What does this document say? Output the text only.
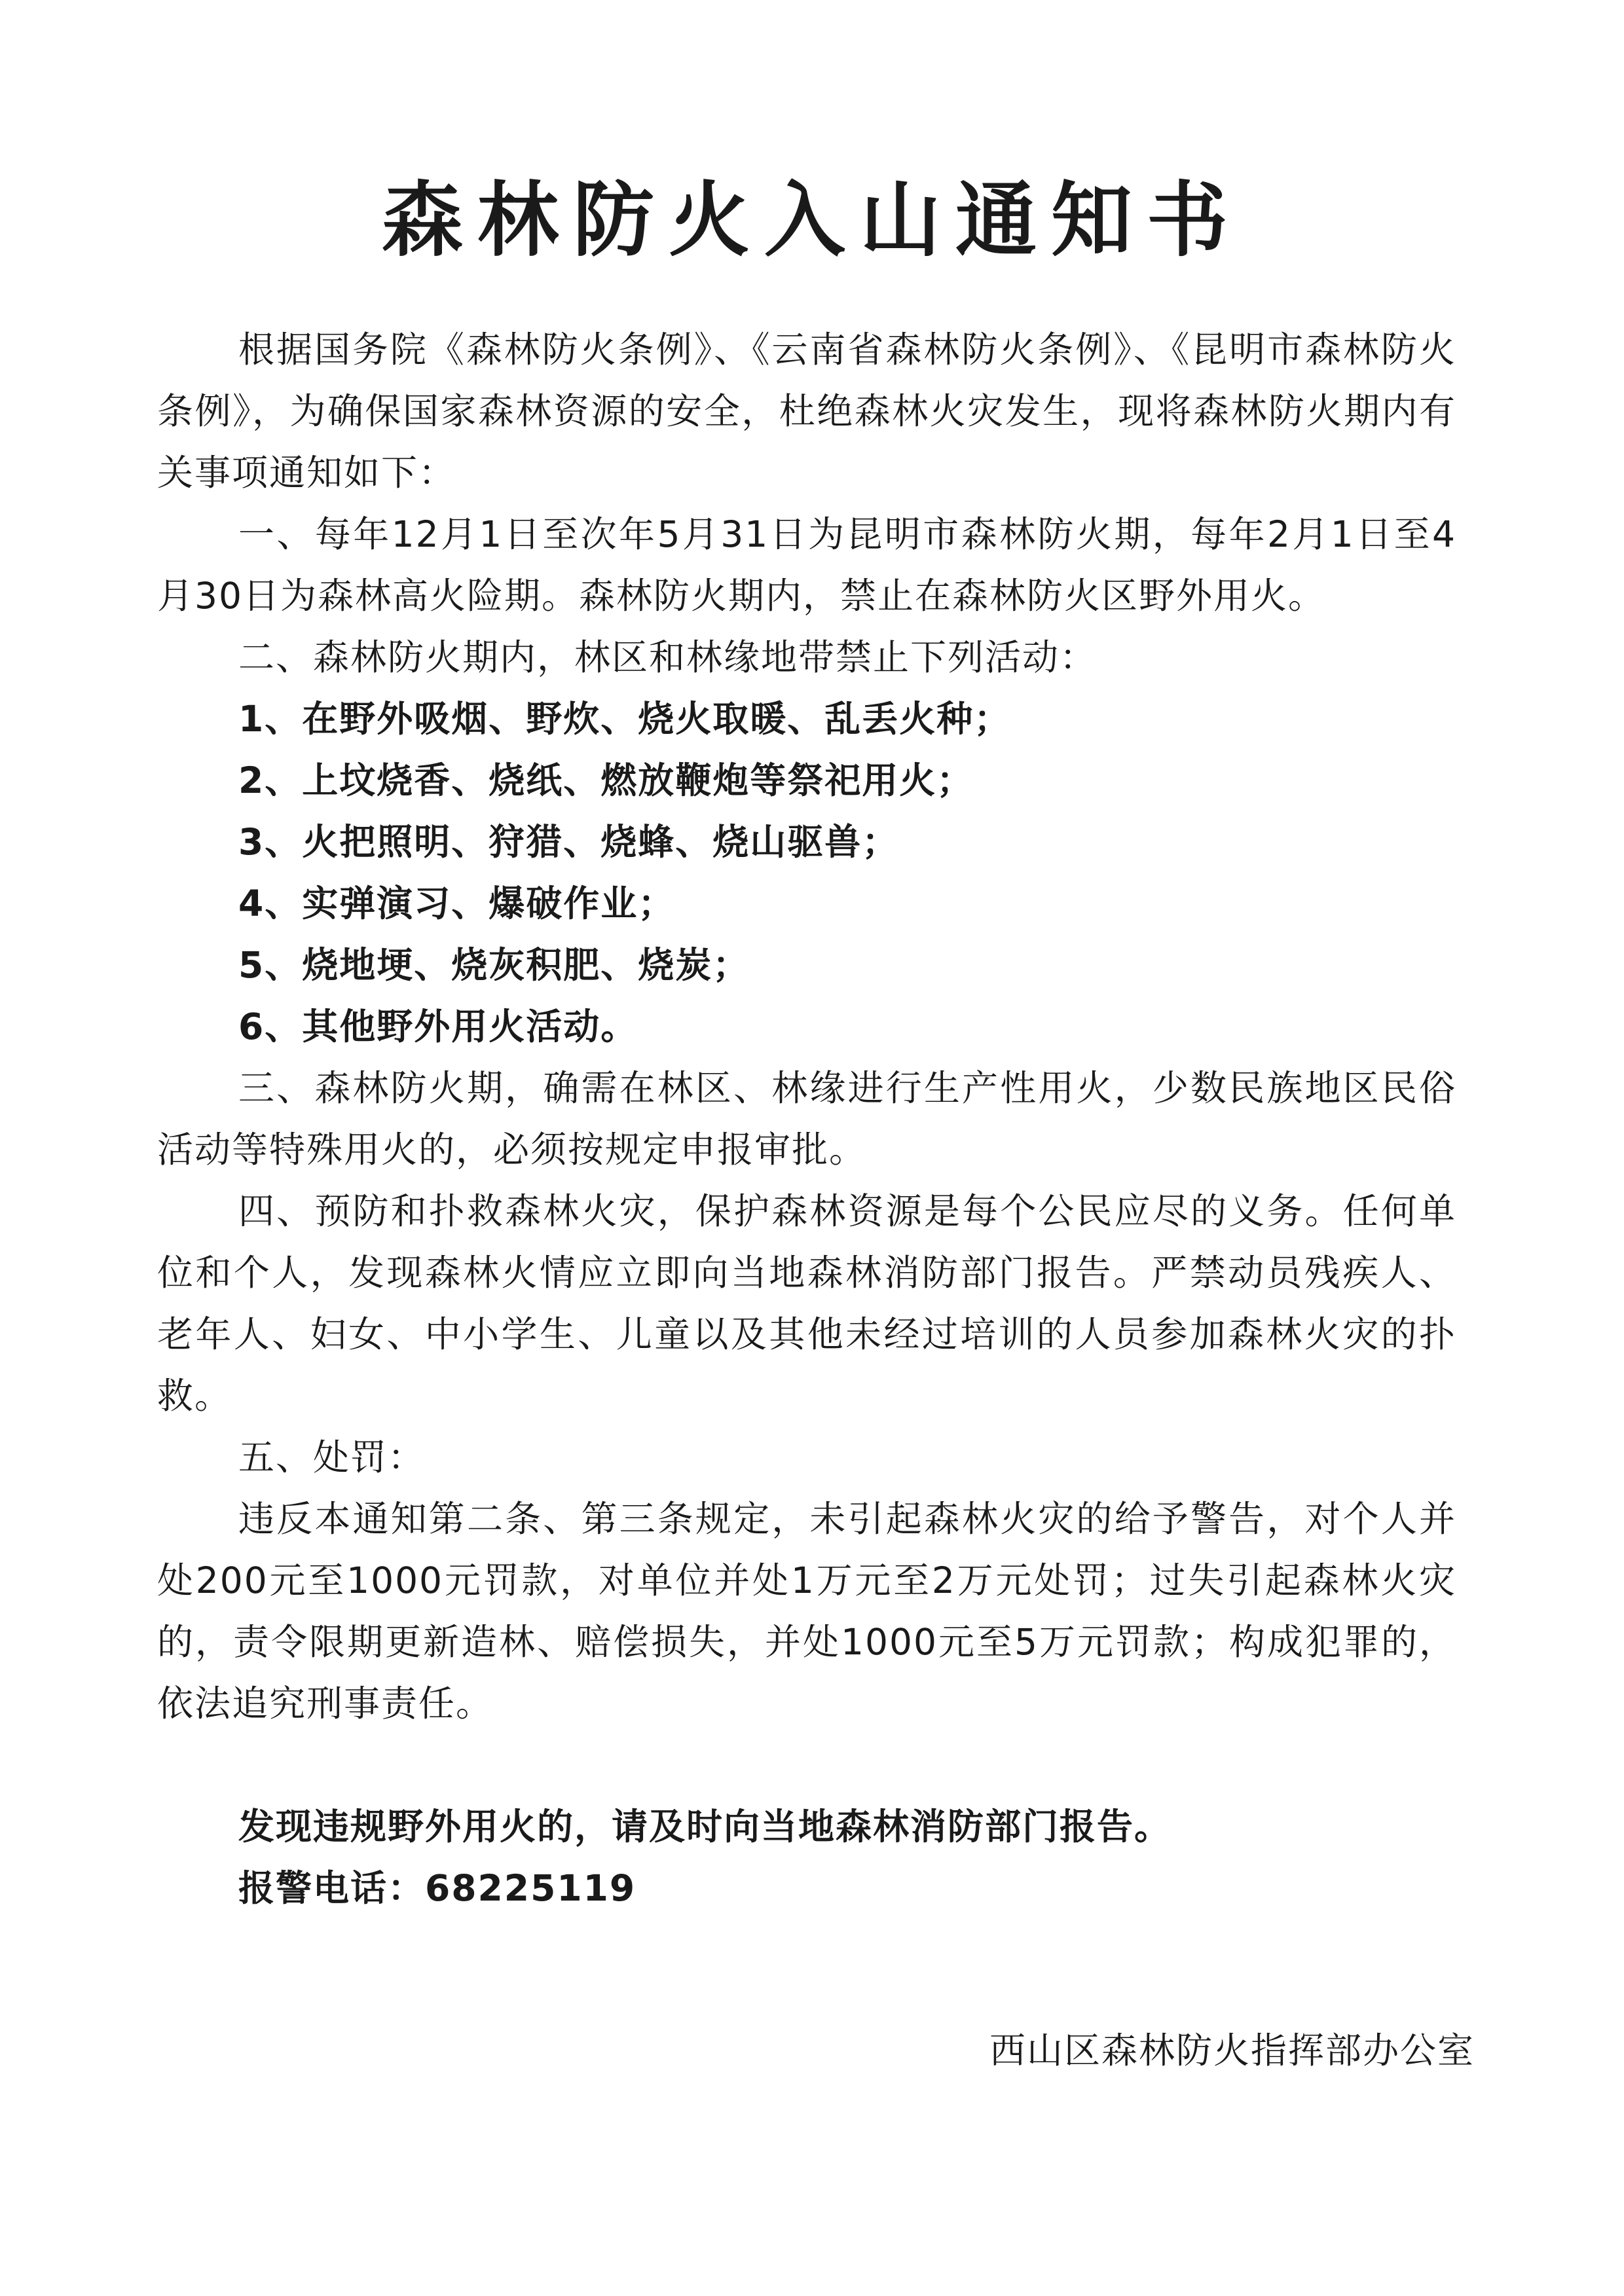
森林防火入山通知书

根据国务院《森林防火条例》、《云南省森林防火条例》、《昆明市森林防火条例》，为确保国家森林资源的安全，杜绝森林火灾发生，现将森林防火期内有关事项通知如下：

一、每年12月1日至次年5月31日为昆明市森林防火期，每年2月1日至4月30日为森林高火险期。森林防火期内，禁止在森林防火区野外用火。

二、森林防火期内，林区和林缘地带禁止下列活动：

1、在野外吸烟、野炊、烧火取暖、乱丢火种；

2、上坟烧香、烧纸、燃放鞭炮等祭祀用火；

3、火把照明、狩猎、烧蜂、烧山驱兽；

4、实弹演习、爆破作业；

5、烧地埂、烧灰积肥、烧炭；

6、其他野外用火活动。

三、森林防火期，确需在林区、林缘进行生产性用火，少数民族地区民俗活动等特殊用火的，必须按规定申报审批。

四、预防和扑救森林火灾，保护森林资源是每个公民应尽的义务。任何单位和个人，发现森林火情应立即向当地森林消防部门报告。严禁动员残疾人、老年人、妇女、中小学生、儿童以及其他未经过培训的人员参加森林火灾的扑救。

五、处罚：

违反本通知第二条、第三条规定，未引起森林火灾的给予警告，对个人并处200元至1000元罚款，对单位并处1万元至2万元处罚；过失引起森林火灾的，责令限期更新造林、赔偿损失，并处1000元至5万元罚款；构成犯罪的，依法追究刑事责任。

发现违规野外用火的，请及时向当地森林消防部门报告。

报警电话：68225119

西山区森林防火指挥部办公室
